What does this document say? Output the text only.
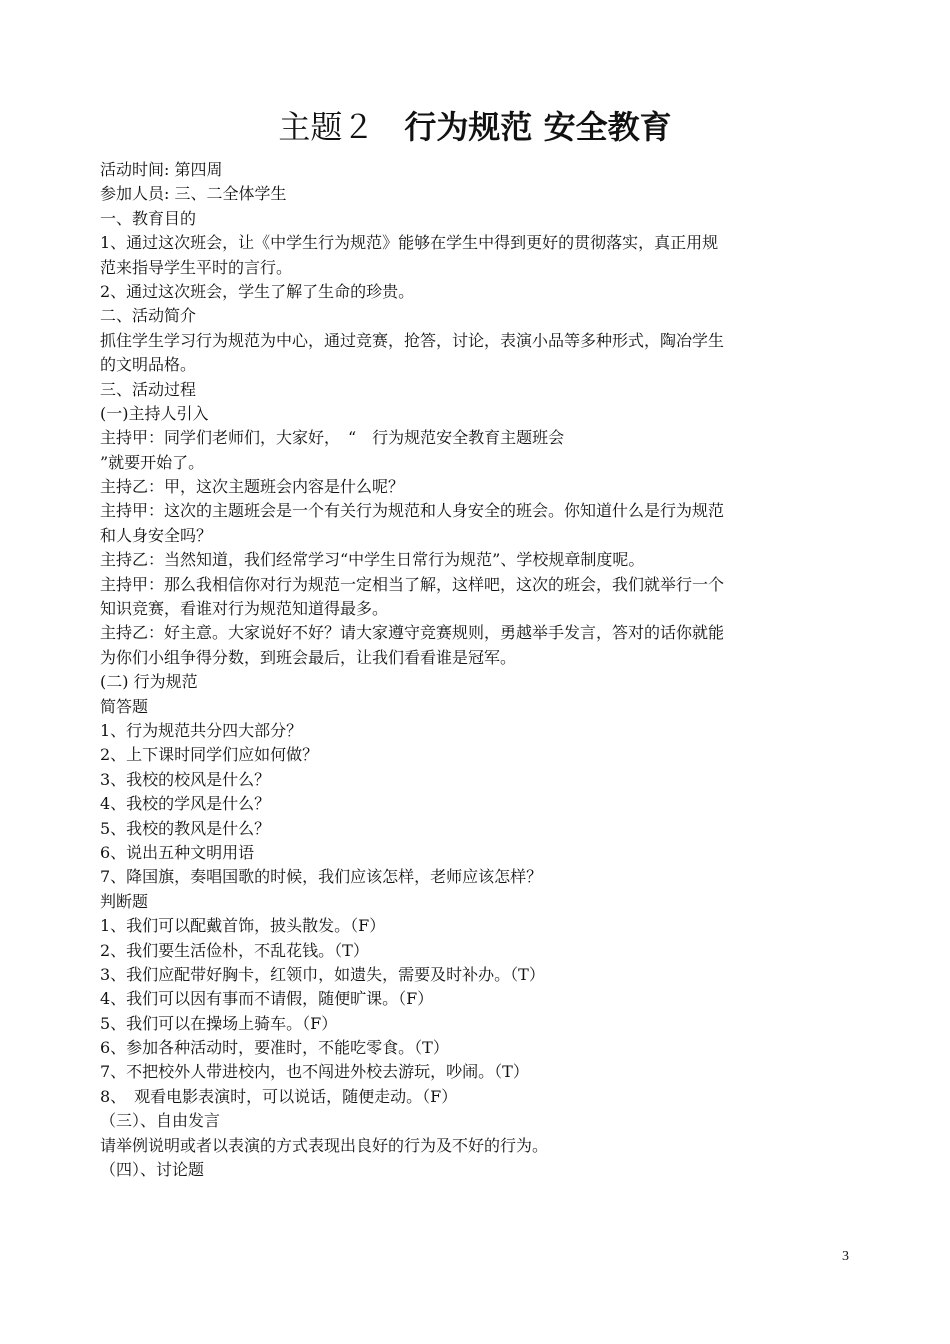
主题２ 行为规范 安全教育
活动时间: 第四周
参加人员: 三、二全体学生
一、教育目的
1、通过这次班会，让《中学生行为规范》能够在学生中得到更好的贯彻落实，真正用规
范来指导学生平时的言行。
2、通过这次班会，学生了解了生命的珍贵。
二、活动简介
抓住学生学习行为规范为中心，通过竞赛，抢答，讨论，表演小品等多种形式，陶冶学生
的文明品格。
三、活动过程
(一)主持人引入
主持甲：同学们老师们，大家好，　“　行为规范安全教育主题班会
”就要开始了。
主持乙：甲，这次主题班会内容是什么呢？
主持甲：这次的主题班会是一个有关行为规范和人身安全的班会。你知道什么是行为规范
和人身安全吗？
主持乙：当然知道，我们经常学习“中学生日常行为规范”、学校规章制度呢。
主持甲：那么我相信你对行为规范一定相当了解，这样吧，这次的班会，我们就举行一个
知识竞赛，看谁对行为规范知道得最多。
主持乙：好主意。大家说好不好？请大家遵守竞赛规则，勇越举手发言，答对的话你就能
为你们小组争得分数，到班会最后，让我们看看谁是冠军。
(二) 行为规范
简答题
1、行为规范共分四大部分？
2、上下课时同学们应如何做？
3、我校的校风是什么？
4、我校的学风是什么？
5、我校的教风是什么？
6、说出五种文明用语
7、降国旗，奏唱国歌的时候，我们应该怎样，老师应该怎样？
判断题
1、我们可以配戴首饰，披头散发。（F）
2、我们要生活俭朴，不乱花钱。（T）
3、我们应配带好胸卡，红领巾，如遗失，需要及时补办。（T）
4、我们可以因有事而不请假，随便旷课。（F）
5、我们可以在操场上骑车。（F）
6、参加各种活动时，要准时，不能吃零食。（T）
7、不把校外人带进校内，也不闯进外校去游玩，吵闹。（T）
8、　观看电影表演时，可以说话，随便走动。（F）
（三）、自由发言
请举例说明或者以表演的方式表现出良好的行为及不好的行为。
（四）、讨论题
3
